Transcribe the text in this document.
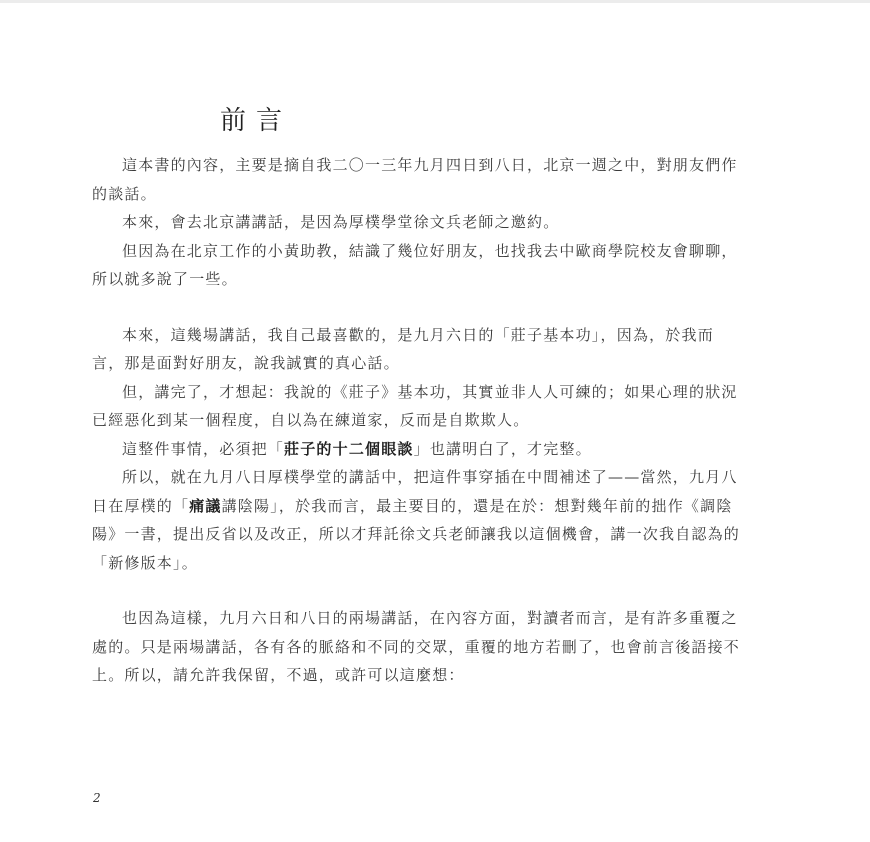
前言

這本書的內容，主要是摘自我二〇一三年九月四日到八日，北京一週之中，對朋友們作的談話。

本來，會去北京講講話，是因為厚樸學堂徐文兵老師之邀約。

但因為在北京工作的小黃助教，結識了幾位好朋友，也找我去中歐商學院校友會聊聊，所以就多說了一些。

本來，這幾場講話，我自己最喜歡的，是九月六日的「莊子基本功」，因為，於我而言，那是面對好朋友，說我誠實的真心話。

但，講完了，才想起：我說的《莊子》基本功，其實並非人人可練的；如果心理的狀況已經惡化到某一個程度，自以為在練道家，反而是自欺欺人。

這整件事情，必須把「莊子的十二個眼談」也講明白了，才完整。

所以，就在九月八日厚樸學堂的講話中，把這件事穿插在中間補述了——當然，九月八日在厚樸的「痛議講陰陽」，於我而言，最主要目的，還是在於：想對幾年前的拙作《調陰陽》一書，提出反省以及改正，所以才拜託徐文兵老師讓我以這個機會，講一次我自認為的「新修版本」。

也因為這樣，九月六日和八日的兩場講話，在內容方面，對讀者而言，是有許多重覆之處的。只是兩場講話，各有各的脈絡和不同的交眾，重覆的地方若刪了，也會前言後語接不上。所以，請允許我保留，不過，或許可以這麼想：

2
